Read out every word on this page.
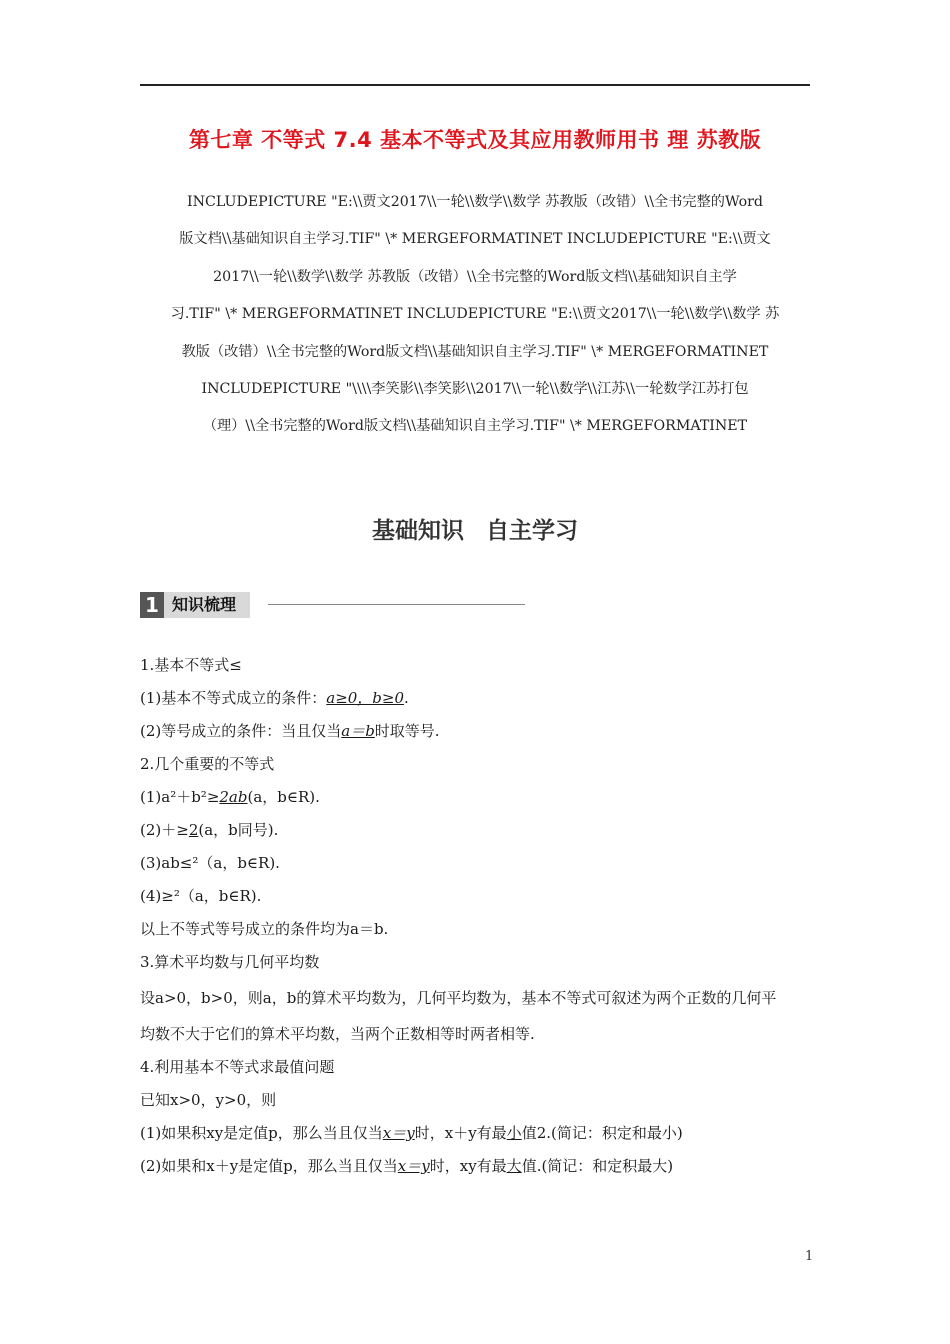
第七章 不等式 7.4 基本不等式及其应用教师用书 理 苏教版

INCLUDEPICTURE "E:\\贾文2017\\一轮\\数学\\数学 苏教版（改错）\\全书完整的Word

版文档\\基础知识自主学习.TIF" \* MERGEFORMATINET INCLUDEPICTURE "E:\\贾文

2017\\一轮\\数学\\数学 苏教版（改错）\\全书完整的Word版文档\\基础知识自主学

习.TIF" \* MERGEFORMATINET INCLUDEPICTURE "E:\\贾文2017\\一轮\\数学\\数学 苏

教版（改错）\\全书完整的Word版文档\\基础知识自主学习.TIF" \* MERGEFORMATINET

INCLUDEPICTURE "\\\\李笑影\\李笑影\\2017\\一轮\\数学\\江苏\\一轮数学江苏打包

（理）\\全书完整的Word版文档\\基础知识自主学习.TIF" \* MERGEFORMATINET

基础知识 自主学习
1 知识梳理
1.基本不等式≤
(1)基本不等式成立的条件：a≥0，b≥0.
(2)等号成立的条件：当且仅当a＝b时取等号.
2.几个重要的不等式
(1)a²＋b²≥2ab(a，b∈R).
(2)＋≥2(a，b同号).
(3)ab≤²（a，b∈R).
(4)≥²（a，b∈R).
以上不等式等号成立的条件均为a＝b.
3.算术平均数与几何平均数
设a>0，b>0，则a，b的算术平均数为，几何平均数为，基本不等式可叙述为两个正数的几何平
均数不大于它们的算术平均数，当两个正数相等时两者相等.
4.利用基本不等式求最值问题
已知x>0，y>0，则
(1)如果积xy是定值p，那么当且仅当x＝y时，x＋y有最小值2.(简记：积定和最小)
(2)如果和x＋y是定值p，那么当且仅当x＝y时，xy有最大值.(简记：和定积最大)
1
